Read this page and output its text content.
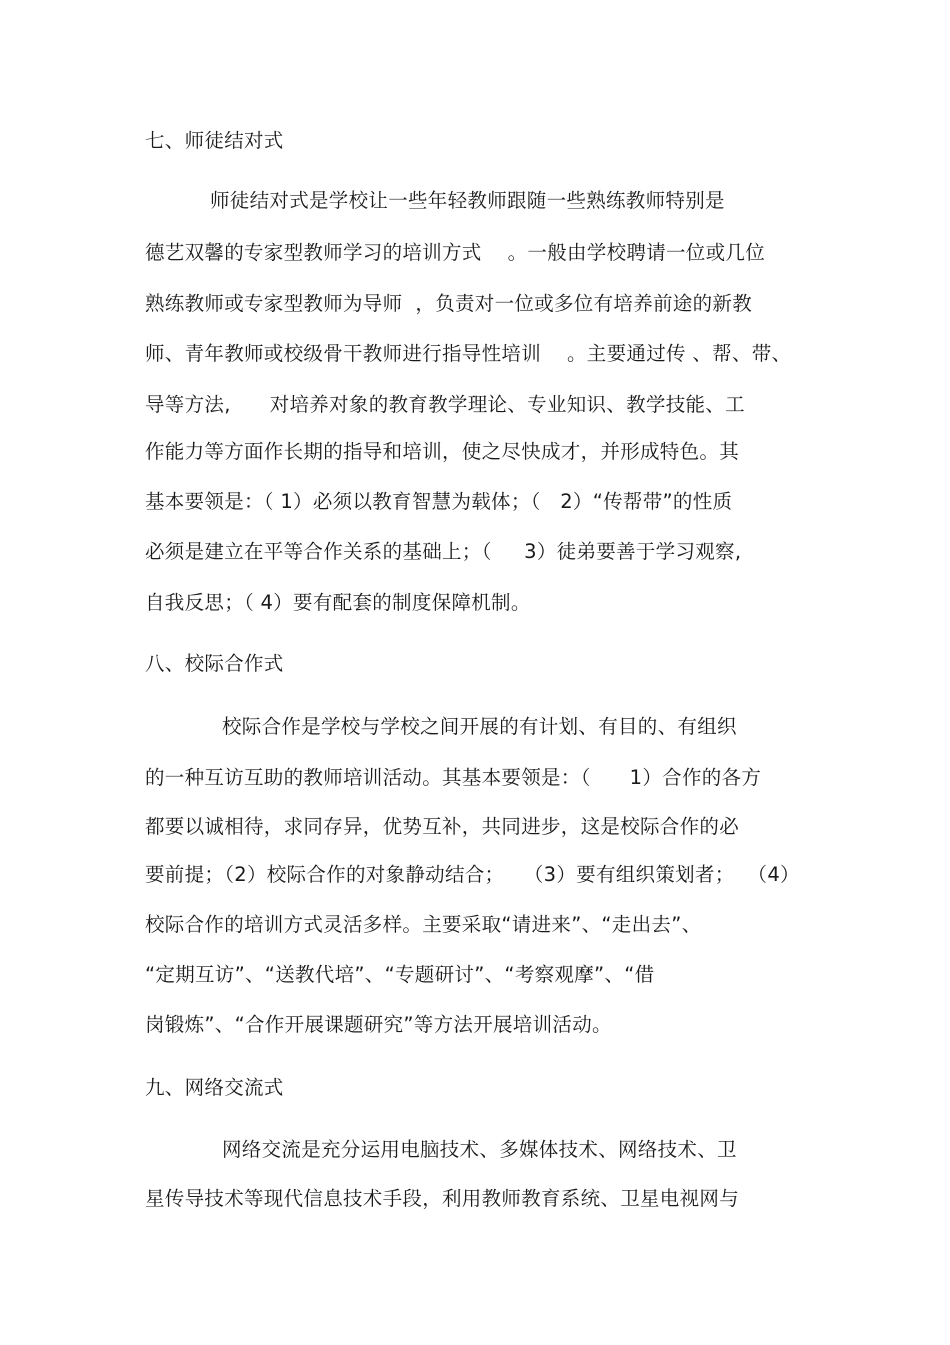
七、师徒结对式
师徒结对式是学校让一些年轻教师跟随一些熟练教师特别是
德艺双馨的专家型教师学习的培训方式    。一般由学校聘请一位或几位
熟练教师或专家型教师为导师  ，负责对一位或多位有培养前途的新教
师、青年教师或校级骨干教师进行指导性培训    。主要通过传 、帮、带、
导等方法,      对培养对象的教育教学理论、专业知识、教学技能、工
作能力等方面作长期的指导和培训，使之尽快成才，并形成特色。其
基本要领是：（ 1）必须以教育智慧为载体；（   2）“传帮带”的性质
必须是建立在平等合作关系的基础上；（     3）徒弟要善于学习观察,
自我反思；（ 4）要有配套的制度保障机制。
八、校际合作式
校际合作是学校与学校之间开展的有计划、有目的、有组织
的一种互访互助的教师培训活动。其基本要领是：（      1）合作的各方
都要以诚相待，求同存异，优势互补，共同进步，这是校际合作的必
要前提；（2）校际合作的对象静动结合；   （3）要有组织策划者；  （4）
校际合作的培训方式灵活多样。主要采取“请进来”、“走出去”、
“定期互访”、“送教代培”、“专题研讨”、“考察观摩”、“借
岗锻炼”、“合作开展课题研究”等方法开展培训活动。
九、网络交流式
网络交流是充分运用电脑技术、多媒体技术、网络技术、卫
星传导技术等现代信息技术手段，利用教师教育系统、卫星电视网与
